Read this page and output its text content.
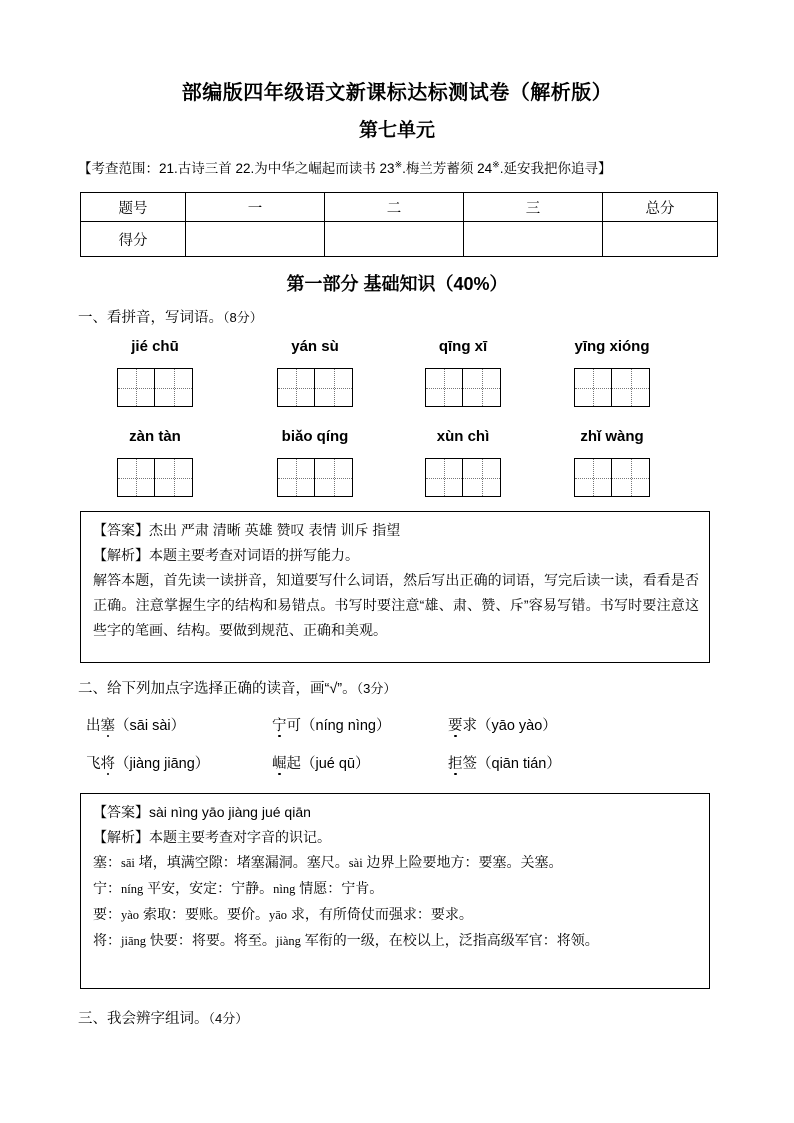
部编版四年级语文新课标达标测试卷（解析版）
第七单元
【考查范围：21.古诗三首 22.为中华之崛起而读书 23※.梅兰芳蓄须 24※.延安我把你追寻】
题号	一	二	三	总分
得分				
第一部分 基础知识（40%）
一、看拼音，写词语。（8分）
jié chū	yán sù	qīng xī	yīng xióng
zàn tàn	biǎo qíng	xùn chì	zhǐ wàng

【答案】杰出 严肃 清晰 英雄 赞叹 表情 训斥 指望

【解析】本题主要考查对词语的拼写能力。

解答本题，首先读一读拼音，知道要写什么词语，然后写出正确的词语，写完后读一读，看看是否正确。注意掌握生字的结构和易错点。书写时要注意“雄、肃、赞、斥”容易写错。书写时要注意这些字的笔画、结构。要做到规范、正确和美观。

二、给下列加点字选择正确的读音，画“√”。（3分）
出塞（sāi sài）	宁可（níng nìng）	要求（yāo yào）
飞将（jiàng jiāng）	崛起（jué qū）	拒签（qiān tián）

【答案】sài nìng yāo jiàng jué qiān

【解析】本题主要考查对字音的识记。

塞：sāi 堵，填满空隙：堵塞漏洞。塞尺。sài 边界上险要地方：要塞。关塞。

宁：níng 平安，安定：宁静。nìng 情愿：宁肯。

要：yào 索取：要账。要价。yāo 求，有所倚仗而强求：要求。

将：jiāng 快要：将要。将至。jiàng 军衔的一级，在校以上，泛指高级军官：将领。

三、我会辨字组词。（4分）
